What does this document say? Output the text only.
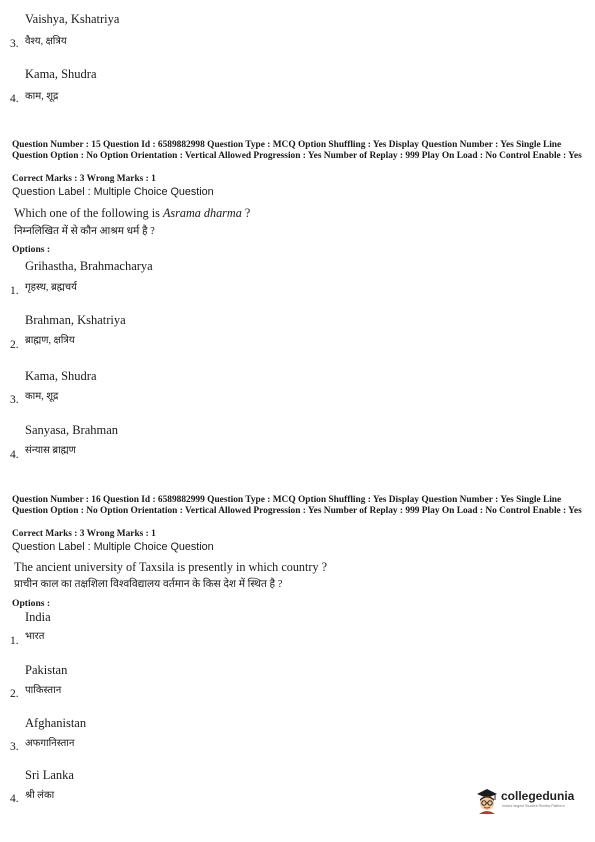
Vaishya, Kshatriya
3. वैश्य, क्षत्रिय
Kama, Shudra
4. काम, शूद्र
Question Number : 15 Question Id : 6589882998 Question Type : MCQ Option Shuffling : Yes Display Question Number : Yes Single Line Question Option : No Option Orientation : Vertical Allowed Progression : Yes Number of Replay : 999 Play On Load : No Control Enable : Yes
Correct Marks : 3 Wrong Marks : 1
Question Label : Multiple Choice Question
Which one of the following is Asrama dharma ?
निम्नलिखित में से कौन आश्रम धर्म है ?
Options :
Grihastha, Brahmacharya
1. गृहस्थ, ब्रह्मचर्य
Brahman, Kshatriya
2. ब्राह्मण, क्षत्रिय
Kama, Shudra
3. काम, शूद्र
Sanyasa, Brahman
4. संन्यास ब्राह्मण
Question Number : 16 Question Id : 6589882999 Question Type : MCQ Option Shuffling : Yes Display Question Number : Yes Single Line Question Option : No Option Orientation : Vertical Allowed Progression : Yes Number of Replay : 999 Play On Load : No Control Enable : Yes
Correct Marks : 3 Wrong Marks : 1
Question Label : Multiple Choice Question
The ancient university of Taxsila is presently in which country ?
प्राचीन काल का तक्षशिला विश्वविद्यालय वर्तमान के किस देश में स्थित है ?
Options :
India
1. भारत
Pakistan
2. पाकिस्तान
Afghanistan
3. अफगानिस्तान
Sri Lanka
4. श्री लंका	collegedunia
India's largest Student Review Platform
